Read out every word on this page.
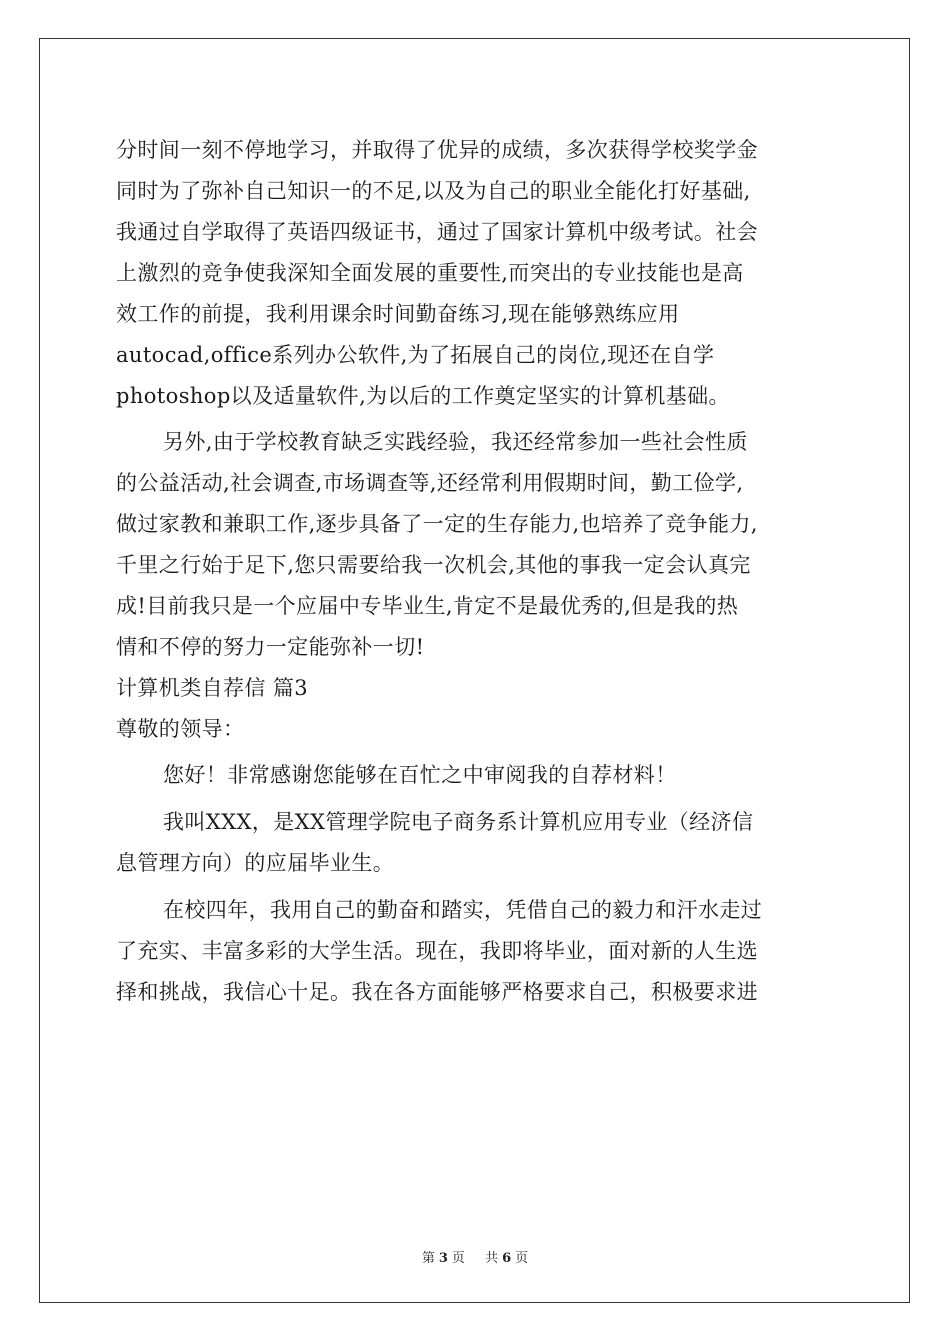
分时间一刻不停地学习，并取得了优异的成绩，多次获得学校奖学金
同时为了弥补自己知识一的不足,以及为自己的职业全能化打好基础,
我通过自学取得了英语四级证书，通过了国家计算机中级考试。社会
上激烈的竞争使我深知全面发展的重要性,而突出的专业技能也是高
效工作的前提，我利用课余时间勤奋练习,现在能够熟练应用
autocad,office系列办公软件,为了拓展自己的岗位,现还在自学
photoshop以及适量软件,为以后的工作奠定坚实的计算机基础。
另外,由于学校教育缺乏实践经验，我还经常参加一些社会性质
的公益活动,社会调查,市场调查等,还经常利用假期时间，勤工俭学,
做过家教和兼职工作,逐步具备了一定的生存能力,也培养了竞争能力,
千里之行始于足下,您只需要给我一次机会,其他的事我一定会认真完
成!目前我只是一个应届中专毕业生,肯定不是最优秀的,但是我的热
情和不停的努力一定能弥补一切!
计算机类自荐信 篇3
尊敬的领导：
您好！非常感谢您能够在百忙之中审阅我的自荐材料！
我叫XXX，是XX管理学院电子商务系计算机应用专业（经济信
息管理方向）的应届毕业生。
在校四年，我用自己的勤奋和踏实，凭借自己的毅力和汗水走过
了充实、丰富多彩的大学生活。现在，我即将毕业，面对新的人生选
择和挑战，我信心十足。我在各方面能够严格要求自己，积极要求进
第 3 页 共 6 页
